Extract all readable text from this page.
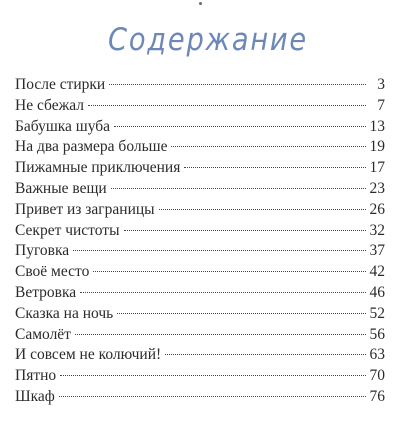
Содержание
После стирки	3
Не сбежал	7
Бабушка шуба	13
На два размера больше	19
Пижамные приключения	17
Важные вещи	23
Привет из заграницы	26
Секрет чистоты	32
Пуговка	37
Своё место	42
Ветровка	46
Сказка на ночь	52
Самолёт	56
И совсем не колючий!	63
Пятно	70
Шкаф	76
